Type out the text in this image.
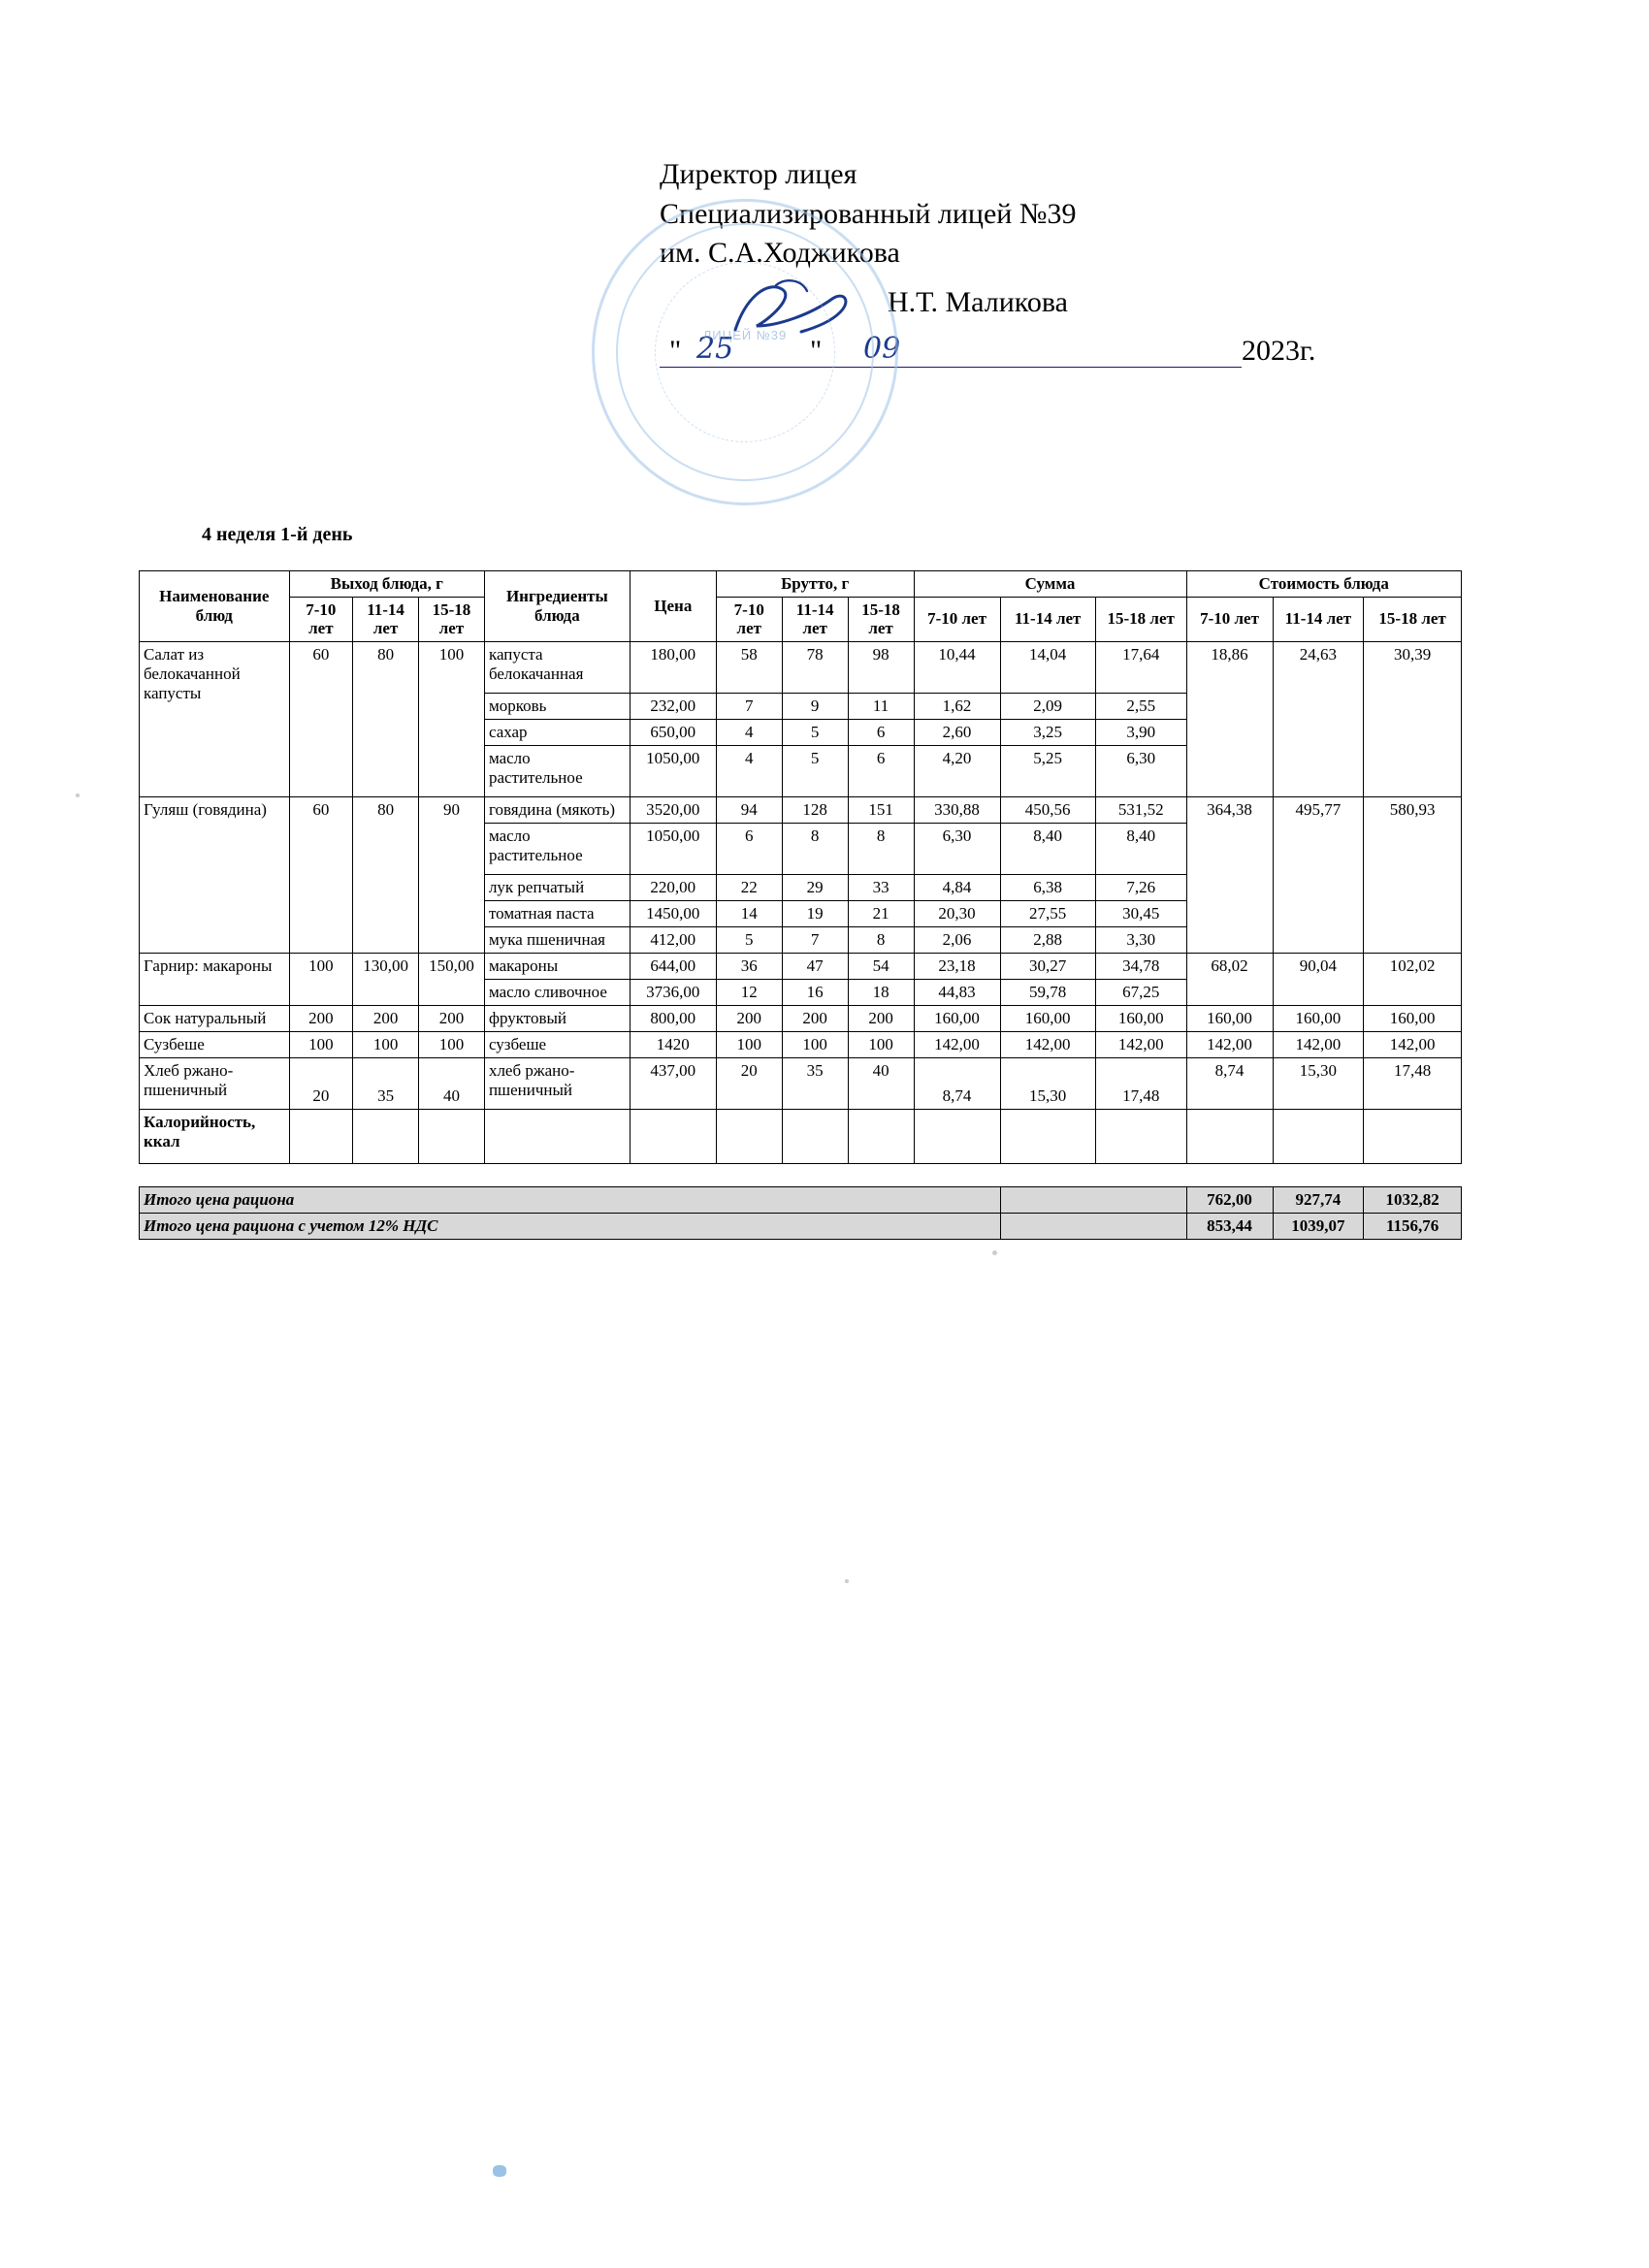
Директор лицея
Специализированный лицей №39
им. С.А.Ходжикова
Н.Т. Маликова
" 25	" 09	2023г.
ЛИЦЕЙ №39
4 неделя 1-й день
Наименование блюд	Выход блюда, г			Ингредиенты блюда	Цена	Брутто, г			Сумма			Стоимость блюда		
	7-10 лет	11-14 лет	15-18 лет			7-10 лет	11-14 лет	15-18 лет	7-10 лет	11-14 лет	15-18 лет	7-10 лет	11-14 лет	15-18 лет
Салат из белокачанной капусты	60	80	100	капуста белокачанная	180,00	58	78	98	10,44	14,04	17,64	18,86	24,63	30,39
				морковь	232,00	7	9	11	1,62	2,09	2,55			
				сахар	650,00	4	5	6	2,60	3,25	3,90			
				масло растительное	1050,00	4	5	6	4,20	5,25	6,30			
Гуляш (говядина)	60	80	90	говядина (мякоть)	3520,00	94	128	151	330,88	450,56	531,52	364,38	495,77	580,93
				масло растительное	1050,00	6	8	8	6,30	8,40	8,40			
				лук репчатый	220,00	22	29	33	4,84	6,38	7,26			
				томатная паста	1450,00	14	19	21	20,30	27,55	30,45			
				мука пшеничная	412,00	5	7	8	2,06	2,88	3,30			
Гарнир: макароны	100	130,00	150,00	макароны	644,00	36	47	54	23,18	30,27	34,78	68,02	90,04	102,02
				масло сливочное	3736,00	12	16	18	44,83	59,78	67,25			
Сок натуральный	200	200	200	фруктовый	800,00	200	200	200	160,00	160,00	160,00	160,00	160,00	160,00
Сузбеше	100	100	100	сузбеше	1420	100	100	100	142,00	142,00	142,00	142,00	142,00	142,00
Хлеб ржано-пшеничный	20	35	40	хлеб ржано-пшеничный	437,00	20	35	40	8,74	15,30	17,48	8,74	15,30	17,48
Калорийность, ккал														

Итого цена рациона												762,00	927,74	1032,82
Итого цена рациона с учетом 12% НДС												853,44	1039,07	1156,76
